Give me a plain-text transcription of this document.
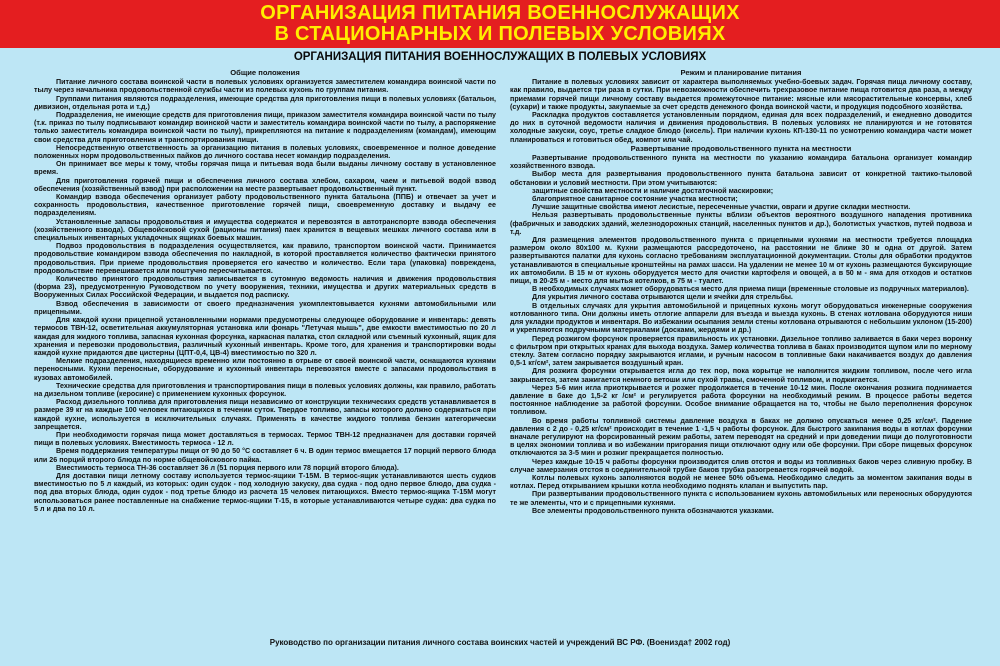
ОРГАНИЗАЦИЯ ПИТАНИЯ ВОЕННОСЛУЖАЩИХ
В СТАЦИОНАРНЫХ И ПОЛЕВЫХ УСЛОВИЯХ
ОРГАНИЗАЦИЯ ПИТАНИЯ ВОЕННОСЛУЖАЩИХ В ПОЛЕВЫХ УСЛОВИЯХ
Общие положения

Питание личного состава воинской части в полевых условиях организуется заместителем командира воинской части по тылу через начальника продовольственной службы части из полевых кухонь по группам питания.

Группами питания являются подразделения, имеющие средства для приготовления пищи в полевых условиях (батальон, дивизион, отдельная рота и т.д.)

Подразделения, не имеющие средств для приготовления пищи, приказом заместителя командира воинской части по тылу (т.к. приказ по тылу подписывают командир воинской части и заместитель командира воинской части по тылу, а распоряжение только заместитель командира воинской части по тылу), прикрепляются на питание к подразделениям (командам), имеющим свои средства для приготовления и транспортирования пищи.

Непосредственную ответственность за организацию питания в полевых условиях, своевременное и полное доведение положенных норм продовольственных пайков до личного состава несет командир подразделения.

Он принимает все меры к тому, чтобы горячая пища и питьевая вода были выданы личному составу в установленное время.

Для приготовления горячей пищи и обеспечения личного состава хлебом, сахаром, чаем и питьевой водой взвод обеспечения (хозяйственный взвод) при расположении на месте развертывает продовольственный пункт.

Командир взвода обеспечения организует работу продовольственного пункта батальона (ППБ) и отвечает за учет и сохранность продовольствия, качественное приготовление горячей пищи, своевременную доставку и выдачу ее подразделениям.

Установленные запасы продовольствия и имущества содержатся и перевозятся в автотранспорте взвода обеспечения (хозяйственного взвода). Общевойсковой сухой (рационы питания) паек хранится в вещевых мешках личного состава или в специальных инвентарных укладочных ящиках боевых машин.

Подвоз продовольствия в подразделения осуществляется, как правило, транспортом воинской части. Принимается продовольствие командиром взвода обеспечения по накладной, в которой проставляется количество фактически принятого продовольствия. При приеме продовольствия проверяется его качество и количество. Если тара (упаковка) повреждена, продовольствие перевешивается или поштучно пересчитывается.

Количество принятого продовольствия записывается в сутомную ведомость наличия и движения продовольствия (форма 23), предусмотренную Руководством по учету вооружения, техники, имущества и других материальных средств в Вооруженных Силах Российской Федерации, и выдается под расписку.

Взвод обеспечения в зависимости от своего предназначения укомплектовывается кухнями автомобильными или прицепными.

Для каждой кухни прицепной установленными нормами предусмотрены следующее оборудование и инвентарь: девять термосов ТВН-12, осветительная аккумуляторная установка или фонарь "Летучая мышь", две емкости вместимостью по 20 л каждая для жидкого топлива, запасная кухонная форсунка, каркасная палатка, стол складной или съемный кухонный, ящик для хранения и перевозки продовольствия, различный кухонный инвентарь. Кроме того, для хранения и транспортировки воды каждой кухне придаются две цистерны (ЦПТ-0,4, ЦВ-4) вместимостью по 320 л.

Мелкие подразделения, находящиеся временно или постоянно в отрыве от своей воинской части, оснащаются кухнями переносными. Кухни переносные, оборудование и кухонный инвентарь перевозятся вместе с запасами продовольствия в кузовах автомобилей.

Технические средства для приготовления и транспортирования пищи в полевых условиях должны, как правило, работать на дизельном топливе (керосине) с применением кухонных форсунок.

Расход дизельного топлива для приготовления пищи независимо от конструкции технических средств устанавливается в размере 39 кг на каждые 100 человек питающихся в течении суток. Твердое топливо, запасы которого должно содержаться при каждой кухне, используется в исключительных случаях. Применять в качестве жидкого топлива бензин категорически запрещается.

При необходимости горячая пища может доставляться в термосах. Термос ТВН-12 предназначен для доставки горячей пищи в полевых условиях. Вместимость термоса - 12 л.

Время поддержания температуры пищи от 90 до 50 °С составляет 6 ч. В один термос вмещается 17 порций первого блюда или 26 порций второго блюда по норме общевойскового пайка.

Вместимость термоса ТН-36 составляет 36 л (51 порция первого или 78 порций второго блюда).

Для доставки пищи летному составу используется термос-ящики Т-15М. В термос-ящик устанавливаются шесть судков вместимостью по 5 л каждый, из которых: один судок - под холодную закуску, два судка - под одно первое блюдо, два судка - под два вторых блюда, один судок - под третье блюдо из расчета 15 человек питающихся. Вместо термос-ящика Т-15М могут использоваться ранее поставленные на снабжение термос-ящики Т-15, в которые устанавливаются четыре судка: два судка по 5 л и два по 10 л.

Режим и планирование питания

Питание в полевых условиях зависит от характера выполняемых учебно-боевых задач. Горячая пища личному составу, как правило, выдается три раза в сутки. При невозможности обеспечить трехразовое питание пища готовится два раза, а между приемами горячей пищи личному составу выдается промежуточное питание: мясные или мясорастительные консервы, хлеб (сухари) и также продукты, закупаемые за счет средств денежного фонда воинской части, и продукция подсобного хозяйства.

Раскладка продуктов составляется установленным порядком, единая для всех подразделений, и ежедневно доводится до них в суточной ведомости наличия и движения продовольствия. В полевых условиях не планируются и не готовятся холодные закуски, соус, третье сладкое блюдо (кисель). При наличии кухонь КП-130-11 по усмотрению командира части может планироваться и готовиться обед, компот или чай.

Развертывание продовольственного пункта на местности

Развертывание продовольственного пункта на местности по указанию командира батальона организует командир хозяйственного взвода.

Выбор места для развертывания продовольственного пункта батальона зависит от конкретной тактико-тыловой обстановки и условий местности. При этом учитываются:

защитные свойства местности и наличие достаточной маскировки;

благоприятное санитарное состояние участка местности;

Лучшие защитные свойства имеют лесистые, пересеченные участки, овраги и другие складки местности.

Нельзя развертывать продовольственные пункты вблизи объектов вероятного воздушного нападения противника (фабричных и заводских зданий, железнодорожных станций, населенных пунктов и др.), болотистых участков, путей подвоза и т.д.

Для размещения элементов продовольственного пункта с прицепными кухнями на местности требуется площадка размером около 80х100 м. Кухни размещаются рассредоточено, на расстоянии не ближе 30 м одна от другой. Затем развертываются палатки для кухонь согласно требованиям эксплуатационной документации. Столы для обработки продуктов устанавливаются в специальные кронштейны на рамах шасси. На удалении не менее 10 м от кухонь размещаются буксирующие их автомобили. В 15 м от кухонь оборудуется место для очистки картофеля и овощей, а в 50 м - яма для отходов и остатков пищи, в 20-25 м - место для мытья котелков, в 75 м - туалет.

В необходимых случаях может оборудоваться место для приема пищи (временные столовые из подручных материалов).

Для укрытия личного состава отрываются щели и ячейки для стрельбы.

В отдельных случаях для укрытия автомобильной и прицепных кухонь могут оборудоваться инженерные сооружения котлованного типа. Они должны иметь отлогие аппарели для въезда и выезда кухонь. В стенах котлована оборудуются ниши для укладки продуктов и инвентаря. Во избежании осыпания земли стены котлована отрываются с небольшим уклоном (15-200) и укрепляются подручными материалами (досками, жердями и др.)

Перед розжигом форсунок проверяется правильность их установки. Дизельное топливо заливается в баки через воронку с фильтром при открытых кранах для выхода воздуха. Замер количества топлива в баках производится щупом или по мерному стеклу. Затем согласно порядку закрываются иглами, и ручным насосом в топливные баки накачивается воздух до давления 0,5-1 кг/см², затем закрывается воздушный кран.

Для розжига форсунки открывается игла до тех пор, пока корытце не наполнится жидким топливом, после чего игла закрывается, затем зажигается немного ветоши или сухой травы, смоченной топливом, и поджигается.

Через 5-6 мин игла приоткрывается и розжег продолжается в течение 10-12 мин. После окончания розжига поднимается давление в баке до 1,5-2 кг /см² и регулируется работа форсунки на необходимый режим. В процессе работы ведется постоянное наблюдение за работой форсунки. Особое внимание обращается на то, чтобы не было переполнения форсунок топливом.

Во время работы топливной системы давление воздуха в баках не должно опускаться менее 0,25 кг/см². Падение давления с 2 до - 0,25 кг/см² происходит в течение 1 -1,5 ч работы форсунок. Для быстрого закипания воды в котлах форсунки вначале регулируют на форсированный режим работы, затем переводят на средний и при доведении пищи до полуготовности в целях экономии топлива и во избежании пригорания пищи отключают одну или обе форсунки. При сборе пищевых форсунок отключаются за 3-5 мин и розжиг прекращается полностью.

Через каждые 10-15 ч работы форсунки производится слив отстоя и воды из топливных баков через сливную пробку. В случае замерзания отстоя в соединительной трубке баков трубка разогревается горячей водой.

Котлы полевых кухонь заполняются водой не менее 50% объема. Необходимо следить за моментом закипания воды в котлах. Перед открыванием крышки котла необходимо поднять клапан и выпустить пар.

При развертывании продовольственного пункта с использованием кухонь автомобильных или переносных оборудуются те же элементы, что и с прицепными кухнями.

Все элементы продовольственного пункта обозначаются указками.

Руководство по организации питания личного состава воинских частей и учреждений ВС РФ. (Военизда† 2002 год)
